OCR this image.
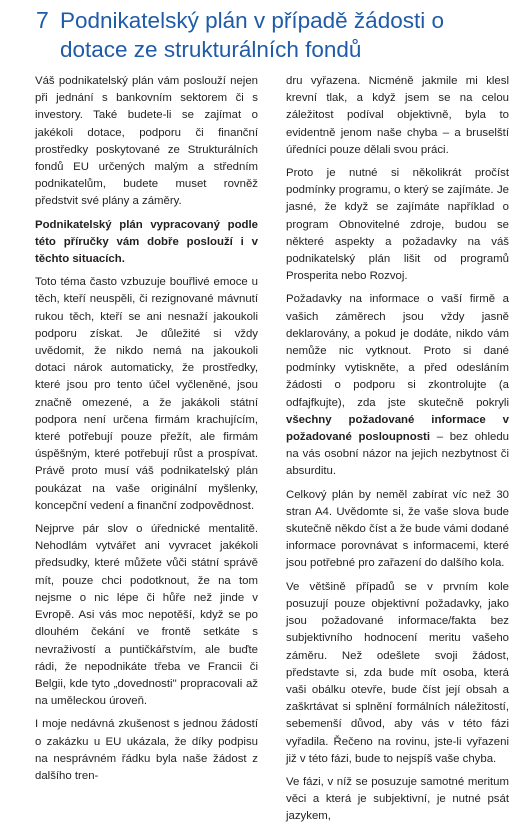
7 Podnikatelský plán v případě žádosti o dotace ze strukturálních fondů

Váš podnikatelský plán vám poslouží nejen při jednání s bankovním sektorem či s investory. Také budete-li se zajímat o jakékoli dotace, podporu či finanční prostředky poskytované ze Strukturálních fondů EU určených malým a středním podnikatelům, budete muset rovněž předstvit své plány a záměry.

Podnikatelský plán vypracovaný podle této příručky vám dobře poslouží i v těchto situacích.

Toto téma často vzbuzuje bouřlivé emoce u těch, kteří neuspěli, či rezignované mávnutí rukou těch, kteří se ani nesnaží jakoukoli podporu získat. Je důležité si vždy uvědomit, že nikdo nemá na jakoukoli dotaci nárok automaticky, že prostředky, které jsou pro tento účel vyčleněné, jsou značně omezené, a že jakákoli státní podpora není určena firmám krachujícím, které potřebují pouze přežít, ale firmám úspěšným, které potřebují růst a prospívat. Právě proto musí váš podnikatelský plán poukázat na vaše originální myšlenky, koncepční vedení a finanční zodpovědnost.

Nejprve pár slov o úřednické mentalitě. Nehodlám vytvářet ani vyvracet jakékoli předsudky, které můžete vůči státní správě mít, pouze chci podotknout, že na tom nejsme o nic lépe či hůře než jinde v Evropě. Asi vás moc nepotěší, když se po dlouhém čekání ve frontě setkáte s nevraživostí a puntičkářstvím, ale buďte rádi, že nepodnikáte třeba ve Francii či Belgii, kde tyto „dovednosti" propracovali až na uměleckou úroveň.

I moje nedávná zkušenost s jednou žádostí o zakázku u EU ukázala, že díky podpisu na nesprávném řádku byla naše žádost z dalšího tren-

dru vyřazena. Nicméně jakmile mi klesl krevní tlak, a když jsem se na celou záležitost podíval objektivně, byla to evidentně jenom naše chyba – a bruselští úředníci pouze dělali svou práci.

Proto je nutné si několikrát pročíst podmínky programu, o který se zajímáte. Je jasné, že když se zajímáte například o program Obnovitelné zdroje, budou se některé aspekty a požadavky na váš podnikatelský plán lišit od programů Prosperita nebo Rozvoj.

Požadavky na informace o vaší firmě a vašich záměrech jsou vždy jasně deklarovány, a pokud je dodáte, nikdo vám nemůže nic vytknout. Proto si dané podmínky vytiskněte, a před odesláním žádosti o podporu si zkontrolujte (a odfajfkujte), zda jste skutečně pokryli všechny požadované informace v požadované posloupnosti – bez ohledu na vás osobní názor na jejich nezbytnost či absurditu.

Celkový plán by neměl zabírat víc než 30 stran A4. Uvědomte si, že vaše slova bude skutečně někdo číst a že bude vámi dodané informace porovnávat s informacemi, které jsou potřebné pro zařazení do dalšího kola.

Ve většině případů se v prvním kole posuzují pouze objektivní požadavky, jako jsou požadované informace/fakta bez subjektivního hodnocení meritu vašeho záměru. Než odešlete svoji žádost, představte si, zda bude mít osoba, která vaši obálku otevře, bude číst její obsah a zaškrtávat si splnění formálních náležitostí, sebemenší důvod, aby vás v této fázi vyřadila. Řečeno na rovinu, jste-li vyřazeni již v této fázi, bude to nejspíš vaše chyba.

Ve fázi, v níž se posuzuje samotné meritum věci a která je subjektivní, je nutné psát jazykem,
